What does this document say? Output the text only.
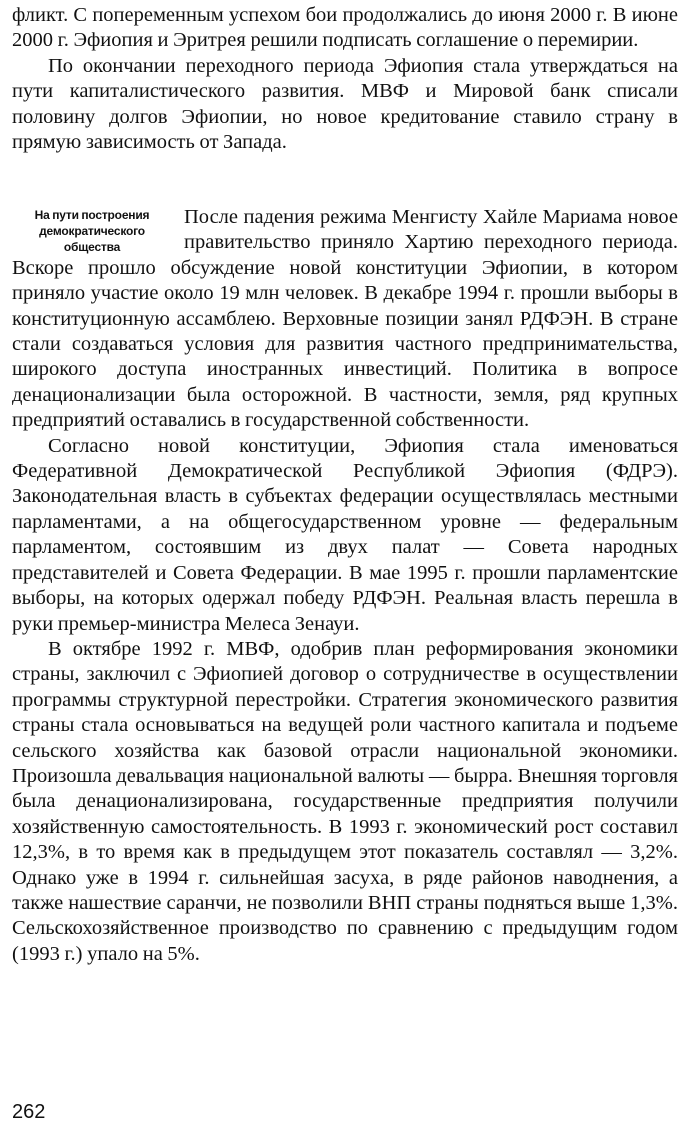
фликт. С попеременным успехом бои продолжались до июня 2000 г. В июне 2000 г. Эфиопия и Эритрея решили подписать соглашение о перемирии.

По окончании переходного периода Эфиопия стала утверждаться на пути капиталистического развития. МВФ и Мировой банк списали половину долгов Эфиопии, но новое кредитование ставило страну в прямую зависимость от Запада.

На пути построения демократического общества

После падения режима Менгисту Хайле Мариама новое правительство приняло Хартию переходного периода. Вскоре прошло обсуждение новой конституции Эфиопии, в котором приняло участие около 19 млн человек. В декабре 1994 г. прошли выборы в конституционную ассамблею. Верховные позиции занял РДФЭН. В стране стали создаваться условия для развития частного предпринимательства, широкого доступа иностранных инвестиций. Политика в вопросе денационализации была осторожной. В частности, земля, ряд крупных предприятий оставались в государственной собственности.

Согласно новой конституции, Эфиопия стала именоваться Федеративной Демократической Республикой Эфиопия (ФДРЭ). Законодательная власть в субъектах федерации осуществлялась местными парламентами, а на общегосударственном уровне — федеральным парламентом, состоявшим из двух палат — Совета народных представителей и Совета Федерации. В мае 1995 г. прошли парламентские выборы, на которых одержал победу РДФЭН. Реальная власть перешла в руки премьер-министра Мелеса Зенауи.

В октябре 1992 г. МВФ, одобрив план реформирования экономики страны, заключил с Эфиопией договор о сотрудничестве в осуществлении программы структурной перестройки. Стратегия экономического развития страны стала основываться на ведущей роли частного капитала и подъеме сельского хозяйства как базовой отрасли национальной экономики. Произошла девальвация национальной валюты — бырра. Внешняя торговля была денационализирована, государственные предприятия получили хозяйственную самостоятельность. В 1993 г. экономический рост составил 12,3%, в то время как в предыдущем этот показатель составлял — 3,2%. Однако уже в 1994 г. сильнейшая засуха, в ряде районов наводнения, а также нашествие саранчи, не позволили ВНП страны подняться выше 1,3%. Сельскохозяйственное производство по сравнению с предыдущим годом (1993 г.) упало на 5%.

262
